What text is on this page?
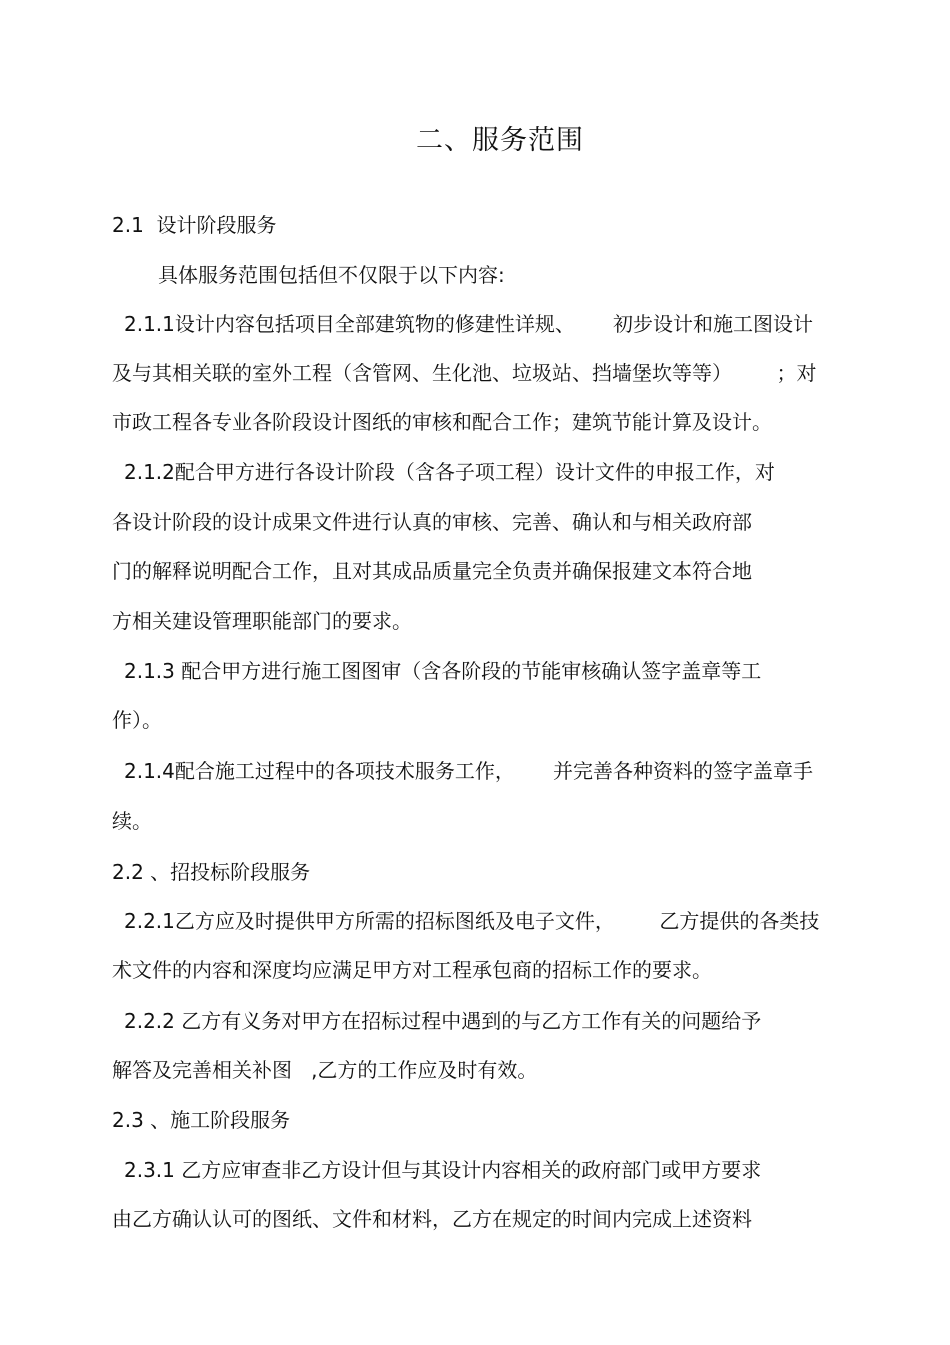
二、服务范围
2.1  设计阶段服务
具体服务范围包括但不仅限于以下内容:
2.1.1设计内容包括项目全部建筑物的修建性详规、      初步设计和施工图设计
及与其相关联的室外工程（含管网、生化池、垃圾站、挡墙堡坎等等）       ；对
市政工程各专业各阶段设计图纸的审核和配合工作；建筑节能计算及设计。
2.1.2配合甲方进行各设计阶段（含各子项工程）设计文件的申报工作，对
各设计阶段的设计成果文件进行认真的审核、完善、确认和与相关政府部
门的解释说明配合工作，且对其成品质量完全负责并确保报建文本符合地
方相关建设管理职能部门的要求。
2.1.3 配合甲方进行施工图图审（含各阶段的节能审核确认签字盖章等工
作）。
2.1.4配合施工过程中的各项技术服务工作，      并完善各种资料的签字盖章手
续。
2.2 、招投标阶段服务
2.2.1乙方应及时提供甲方所需的招标图纸及电子文件，       乙方提供的各类技
术文件的内容和深度均应满足甲方对工程承包商的招标工作的要求。
2.2.2 乙方有义务对甲方在招标过程中遇到的与乙方工作有关的问题给予
解答及完善相关补图   ,乙方的工作应及时有效。
2.3 、施工阶段服务
2.3.1 乙方应审查非乙方设计但与其设计内容相关的政府部门或甲方要求
由乙方确认认可的图纸、文件和材料，乙方在规定的时间内完成上述资料
